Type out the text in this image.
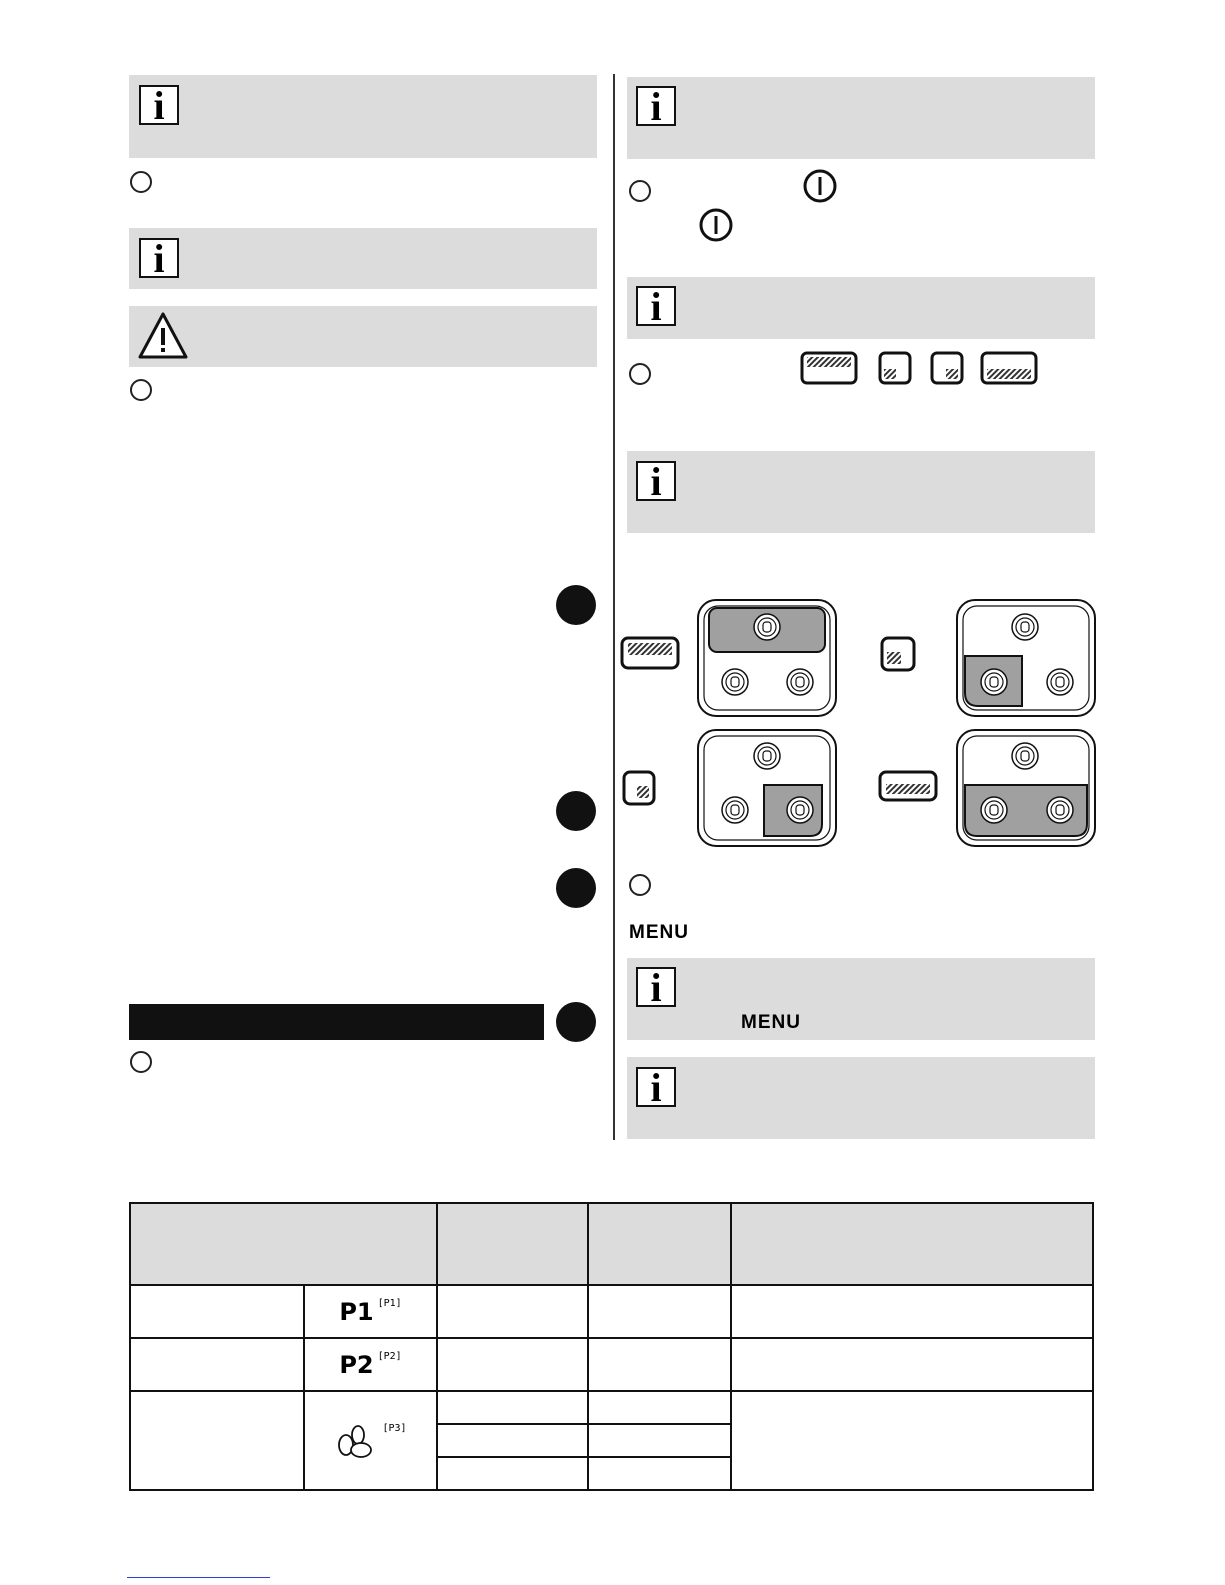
i
i
i
i
i
MENU
i
MENU
i

	P1 [P1]			
	P2 [P2]			
	[P3]			
